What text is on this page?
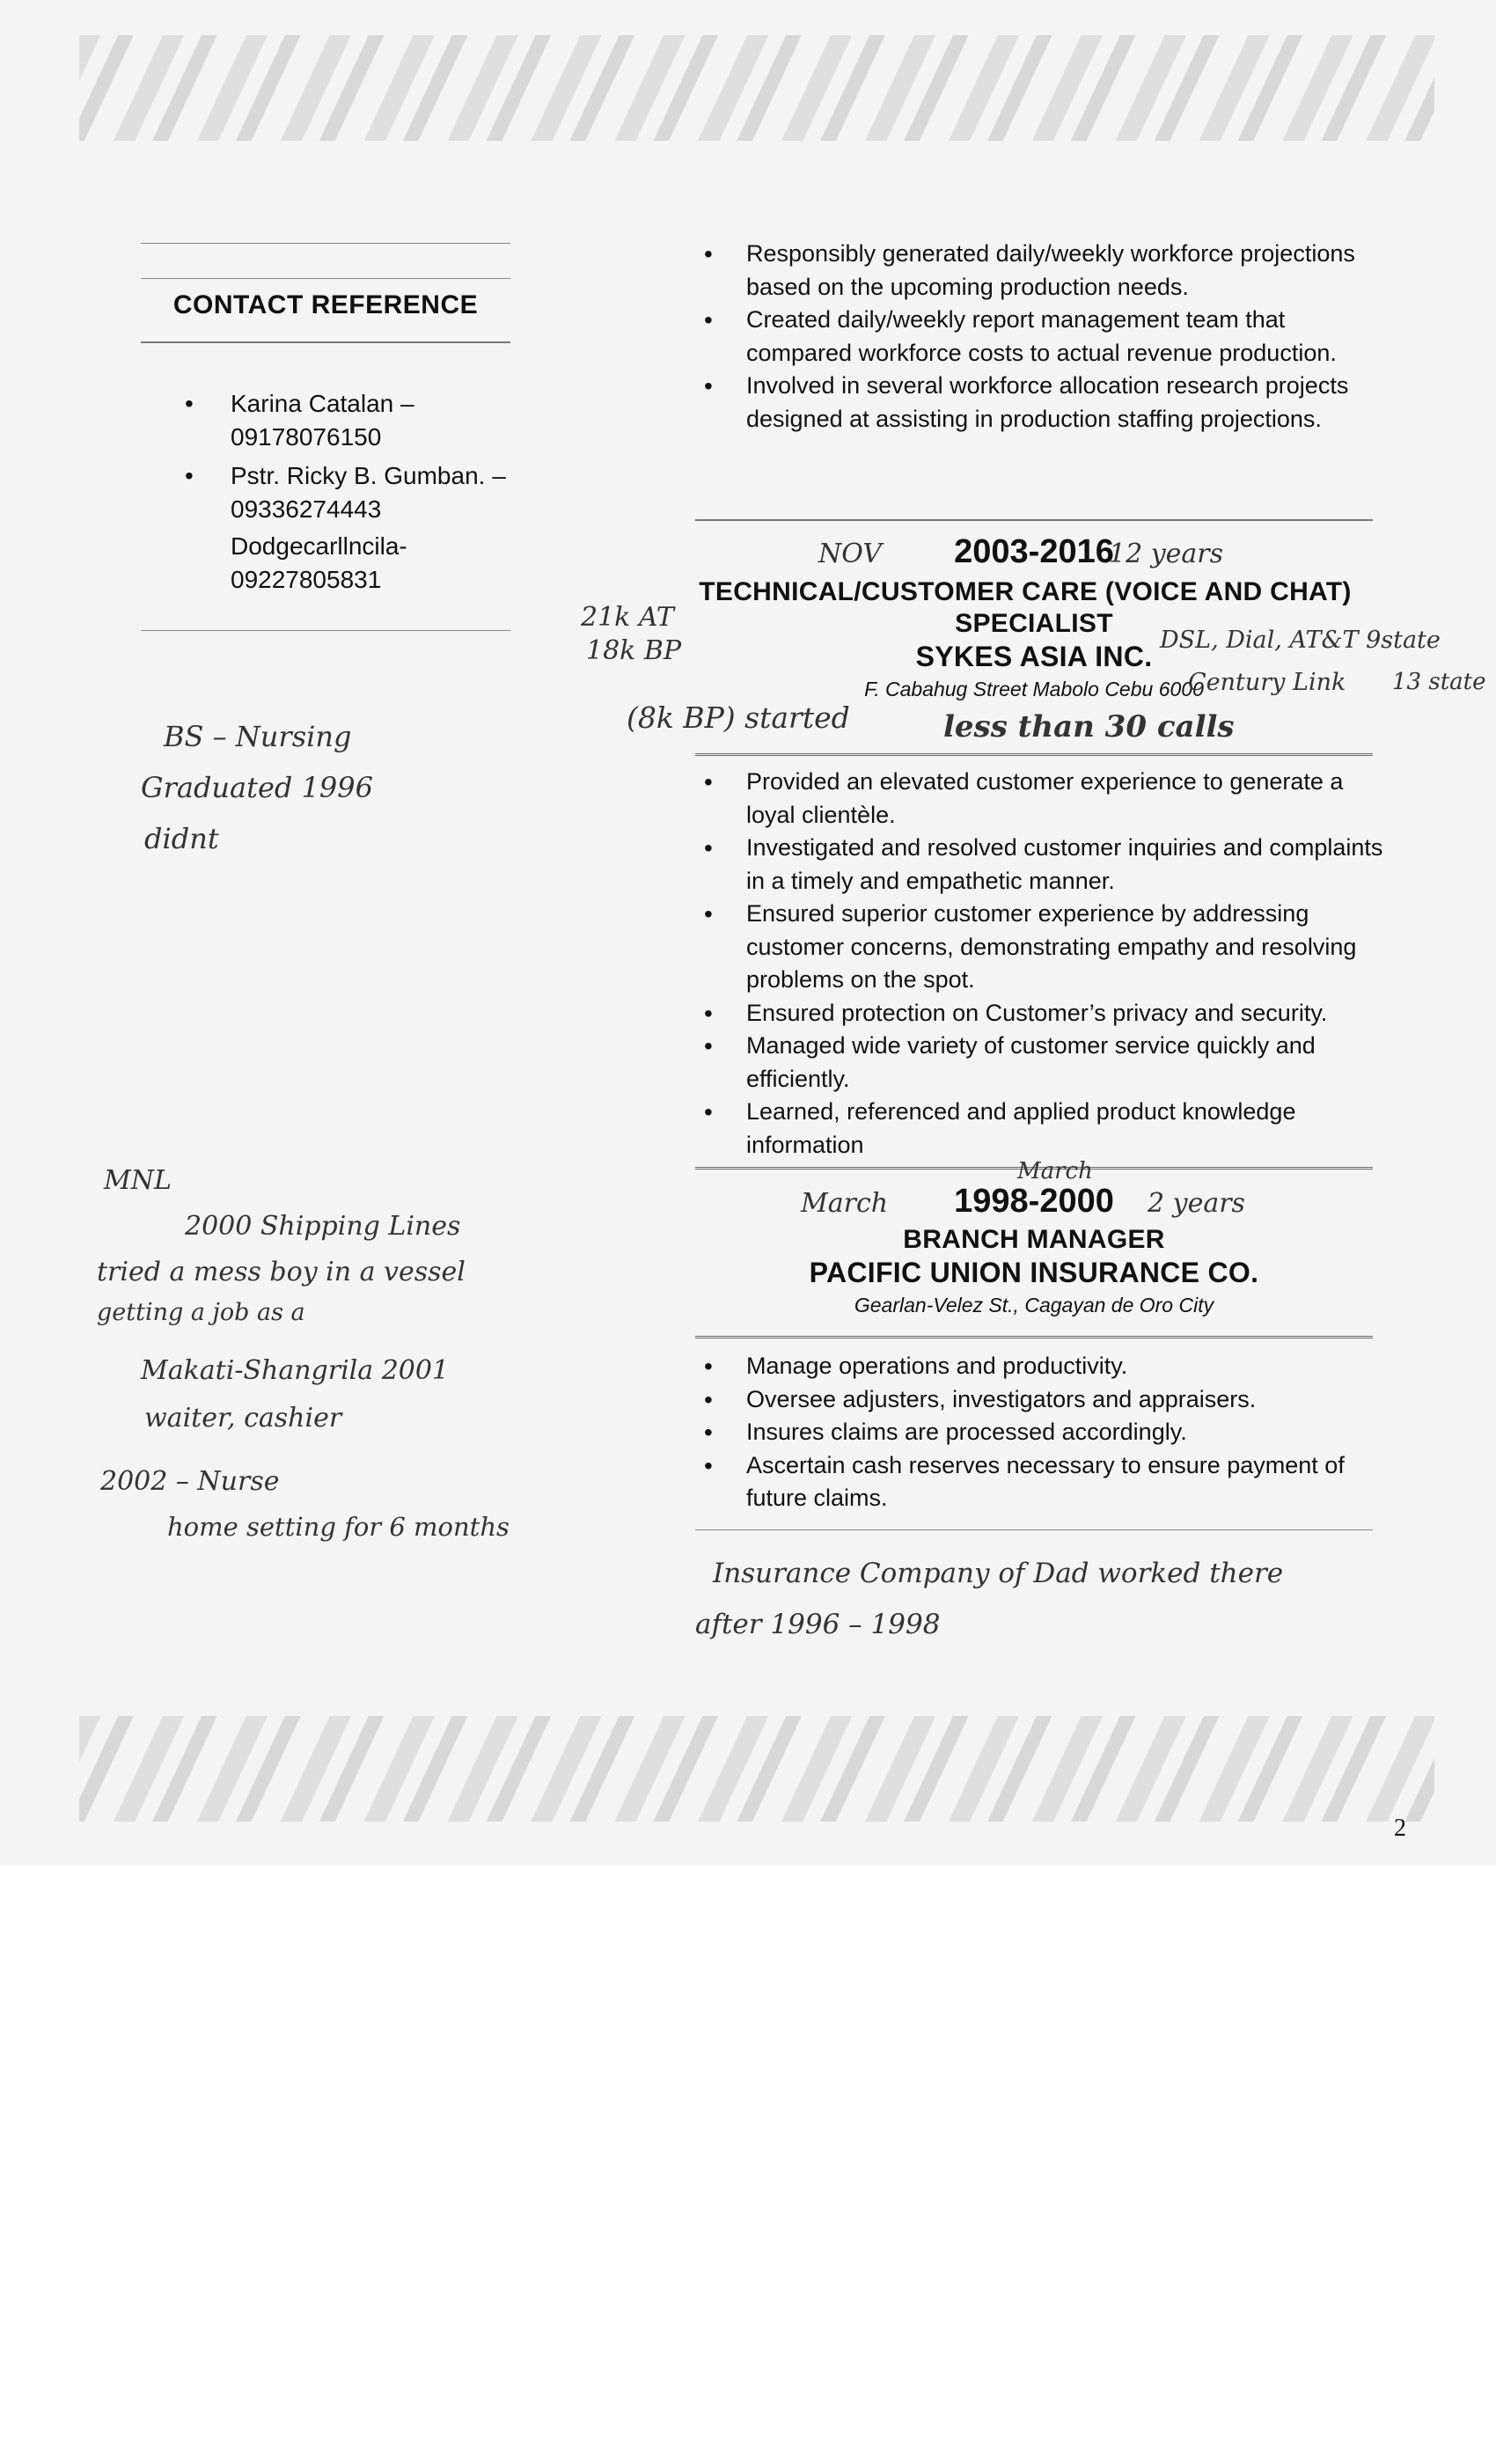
CONTACT REFERENCE
• Karina Catalan – 09178076150
• Pstr. Ricky B. Gumban. – 09336274443
Dodgecarllncila-
09227805831
• Responsibly generated daily/weekly workforce projections based on the upcoming production needs.
• Created daily/weekly report management team that compared workforce costs to actual revenue production.
• Involved in several workforce allocation research projects designed at assisting in production staffing projections.
2003-2016
TECHNICAL/CUSTOMER CARE (VOICE AND CHAT)
SPECIALIST
SYKES ASIA INC.
F. Cabahug Street Mabolo Cebu 6000
• Provided an elevated customer experience to generate a loyal clientèle.
• Investigated and resolved customer inquiries and complaints in a timely and empathetic manner.
• Ensured superior customer experience by addressing customer concerns, demonstrating empathy and resolving problems on the spot.
• Ensured protection on Customer’s privacy and security.
• Managed wide variety of customer service quickly and efficiently.
• Learned, referenced and applied product knowledge information
1998-2000
BRANCH MANAGER
PACIFIC UNION INSURANCE CO.
Gearlan-Velez St., Cagayan de Oro City
• Manage operations and productivity.
• Oversee adjusters, investigators and appraisers.
• Insures claims are processed accordingly.
• Ascertain cash reserves necessary to ensure payment of future claims.
NOV	12 years
21k AT
18k BP	DSL, Dial, AT&T 9state
Century Link 13 state
(8k BP) started	less than 30 calls
BS – Nursing
Graduated 1996
didnt
MNL
2000 Shipping Lines
tried a mess boy in a vessel
getting a job as a
Makati-Shangrila 2001
waiter, cashier
2002 – Nurse
home setting for 6 months
March
March	2 years
Insurance Company of Dad worked there
after 1996 – 1998
2
